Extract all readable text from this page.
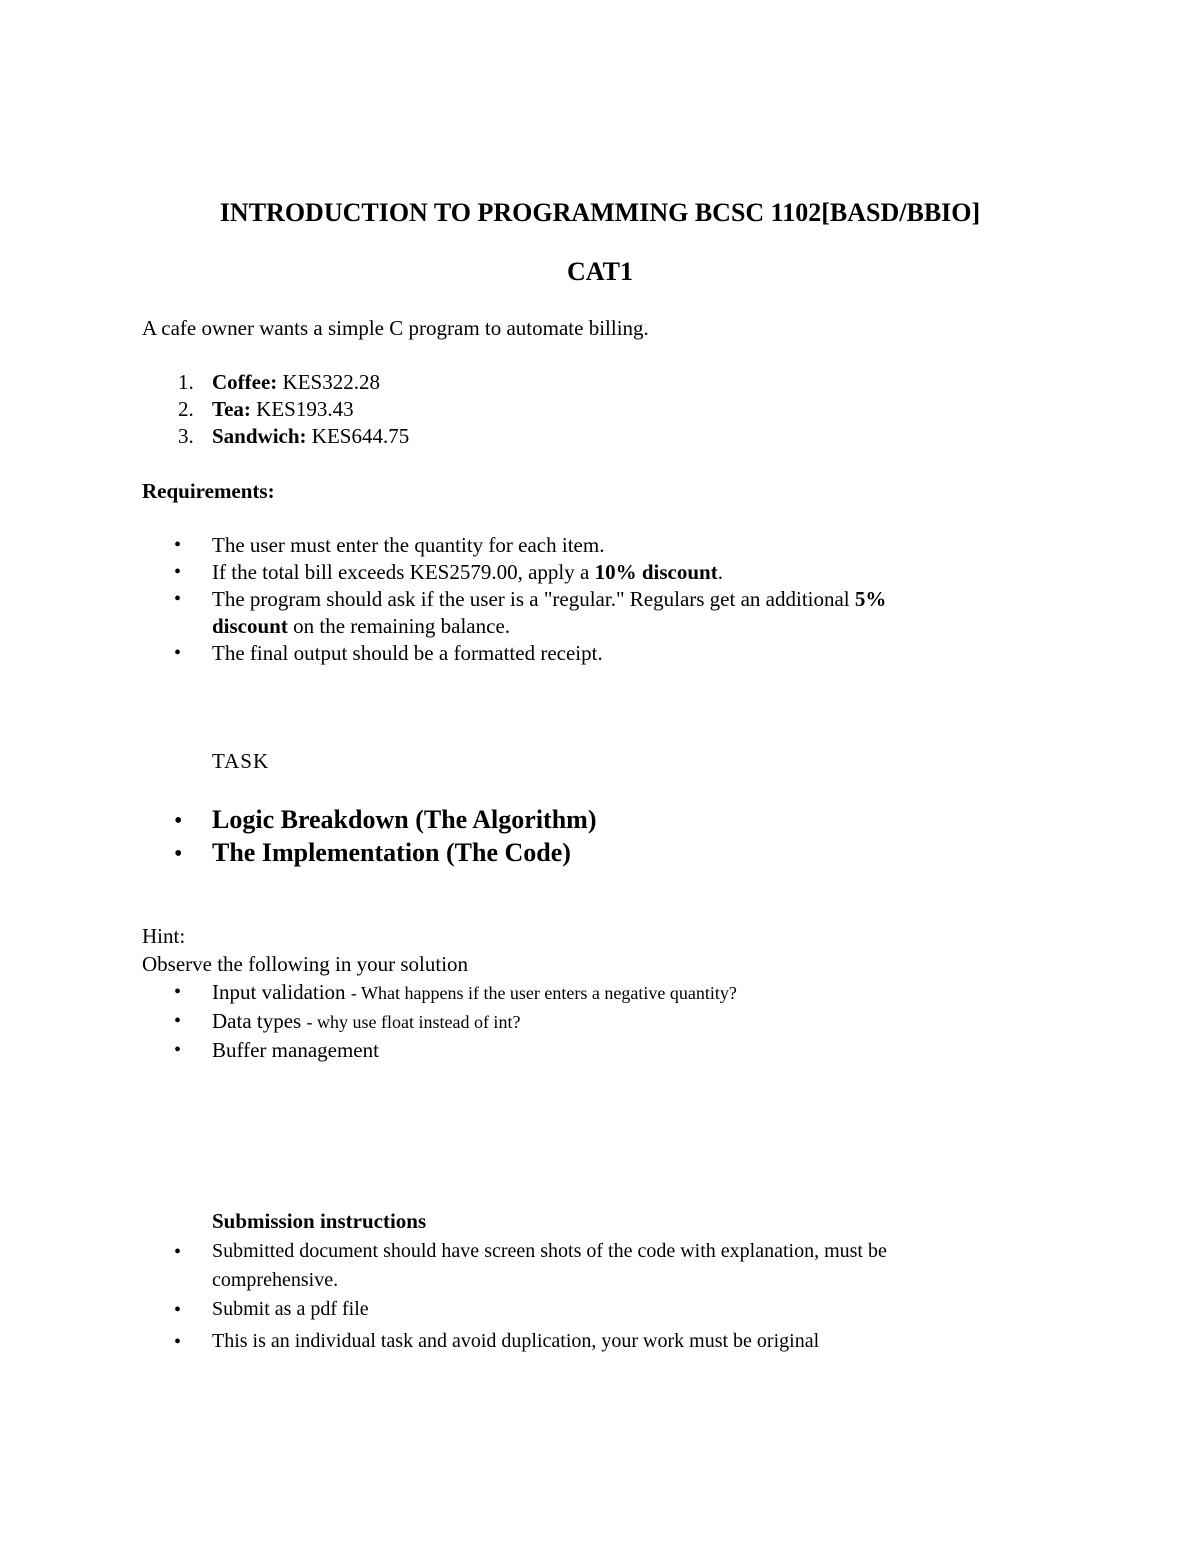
INTRODUCTION TO PROGRAMMING BCSC 1102[BASD/BBIO]
CAT1
A cafe owner wants a simple C program to automate billing.
1. Coffee: KES322.28
2. Tea: KES193.43
3. Sandwich: KES644.75
Requirements:
• The user must enter the quantity for each item.
• If the total bill exceeds KES2579.00, apply a 10% discount.
• The program should ask if the user is a "regular." Regulars get an additional 5%
discount on the remaining balance.
• The final output should be a formatted receipt.
TASK
• Logic Breakdown (The Algorithm)
• The Implementation (The Code)
Hint:
Observe the following in your solution
• Input validation - What happens if the user enters a negative quantity?
• Data types - why use float instead of int?
• Buffer management
Submission instructions
• Submitted document should have screen shots of the code with explanation, must be
comprehensive.
• Submit as a pdf file
• This is an individual task and avoid duplication, your work must be original
